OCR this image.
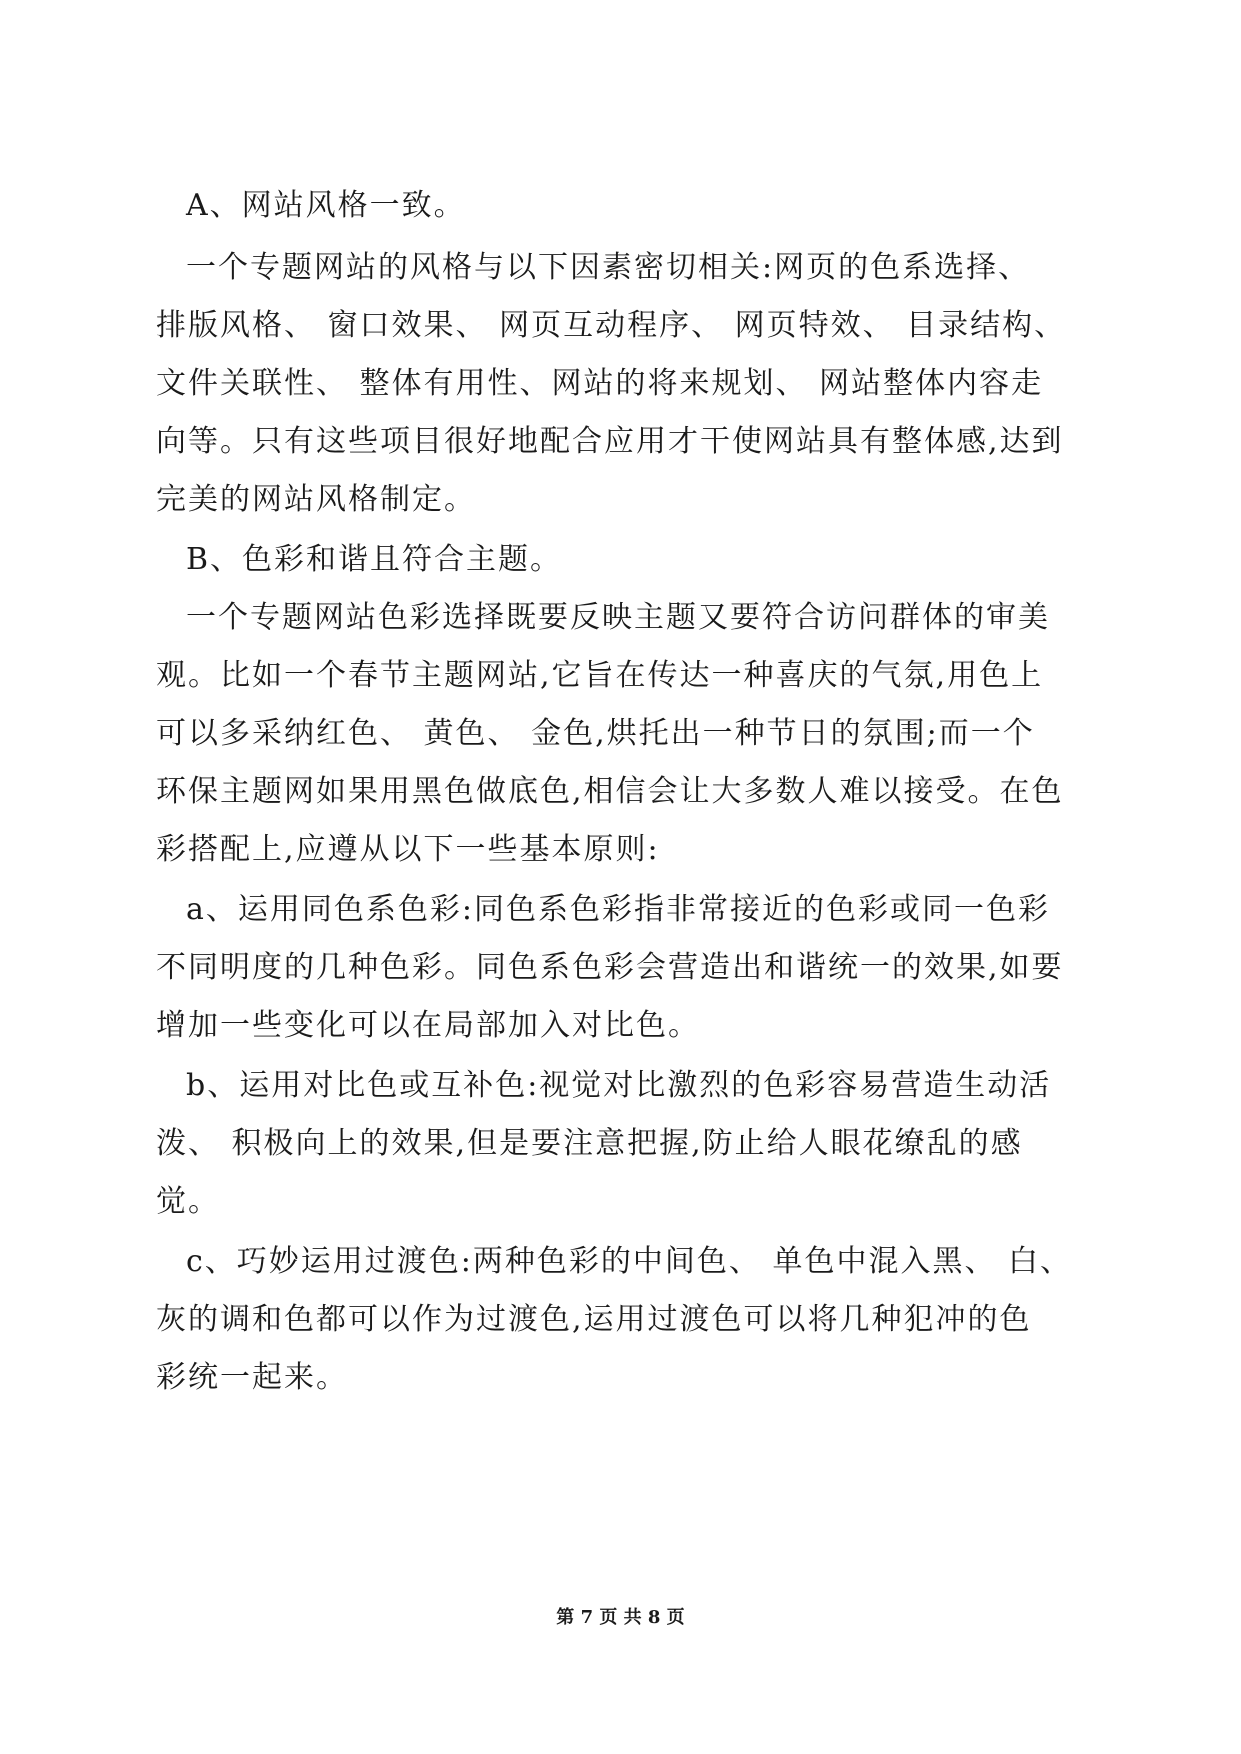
A、网站风格一致。
一个专题网站的风格与以下因素密切相关:网页的色系选择、
排版风格、 窗口效果、 网页互动程序、 网页特效、 目录结构、
文件关联性、 整体有用性、网站的将来规划、 网站整体内容走
向等。只有这些项目很好地配合应用才干使网站具有整体感,达到
完美的网站风格制定。
B、色彩和谐且符合主题。
一个专题网站色彩选择既要反映主题又要符合访问群体的审美
观。比如一个春节主题网站,它旨在传达一种喜庆的气氛,用色上
可以多采纳红色、 黄色、 金色,烘托出一种节日的氛围;而一个
环保主题网如果用黑色做底色,相信会让大多数人难以接受。在色
彩搭配上,应遵从以下一些基本原则:
a、运用同色系色彩:同色系色彩指非常接近的色彩或同一色彩
不同明度的几种色彩。同色系色彩会营造出和谐统一的效果,如要
增加一些变化可以在局部加入对比色。
b、运用对比色或互补色:视觉对比激烈的色彩容易营造生动活
泼、 积极向上的效果,但是要注意把握,防止给人眼花缭乱的感
觉。
c、巧妙运用过渡色:两种色彩的中间色、 单色中混入黑、 白、
灰的调和色都可以作为过渡色,运用过渡色可以将几种犯冲的色
彩统一起来。
第 7 页 共 8 页
